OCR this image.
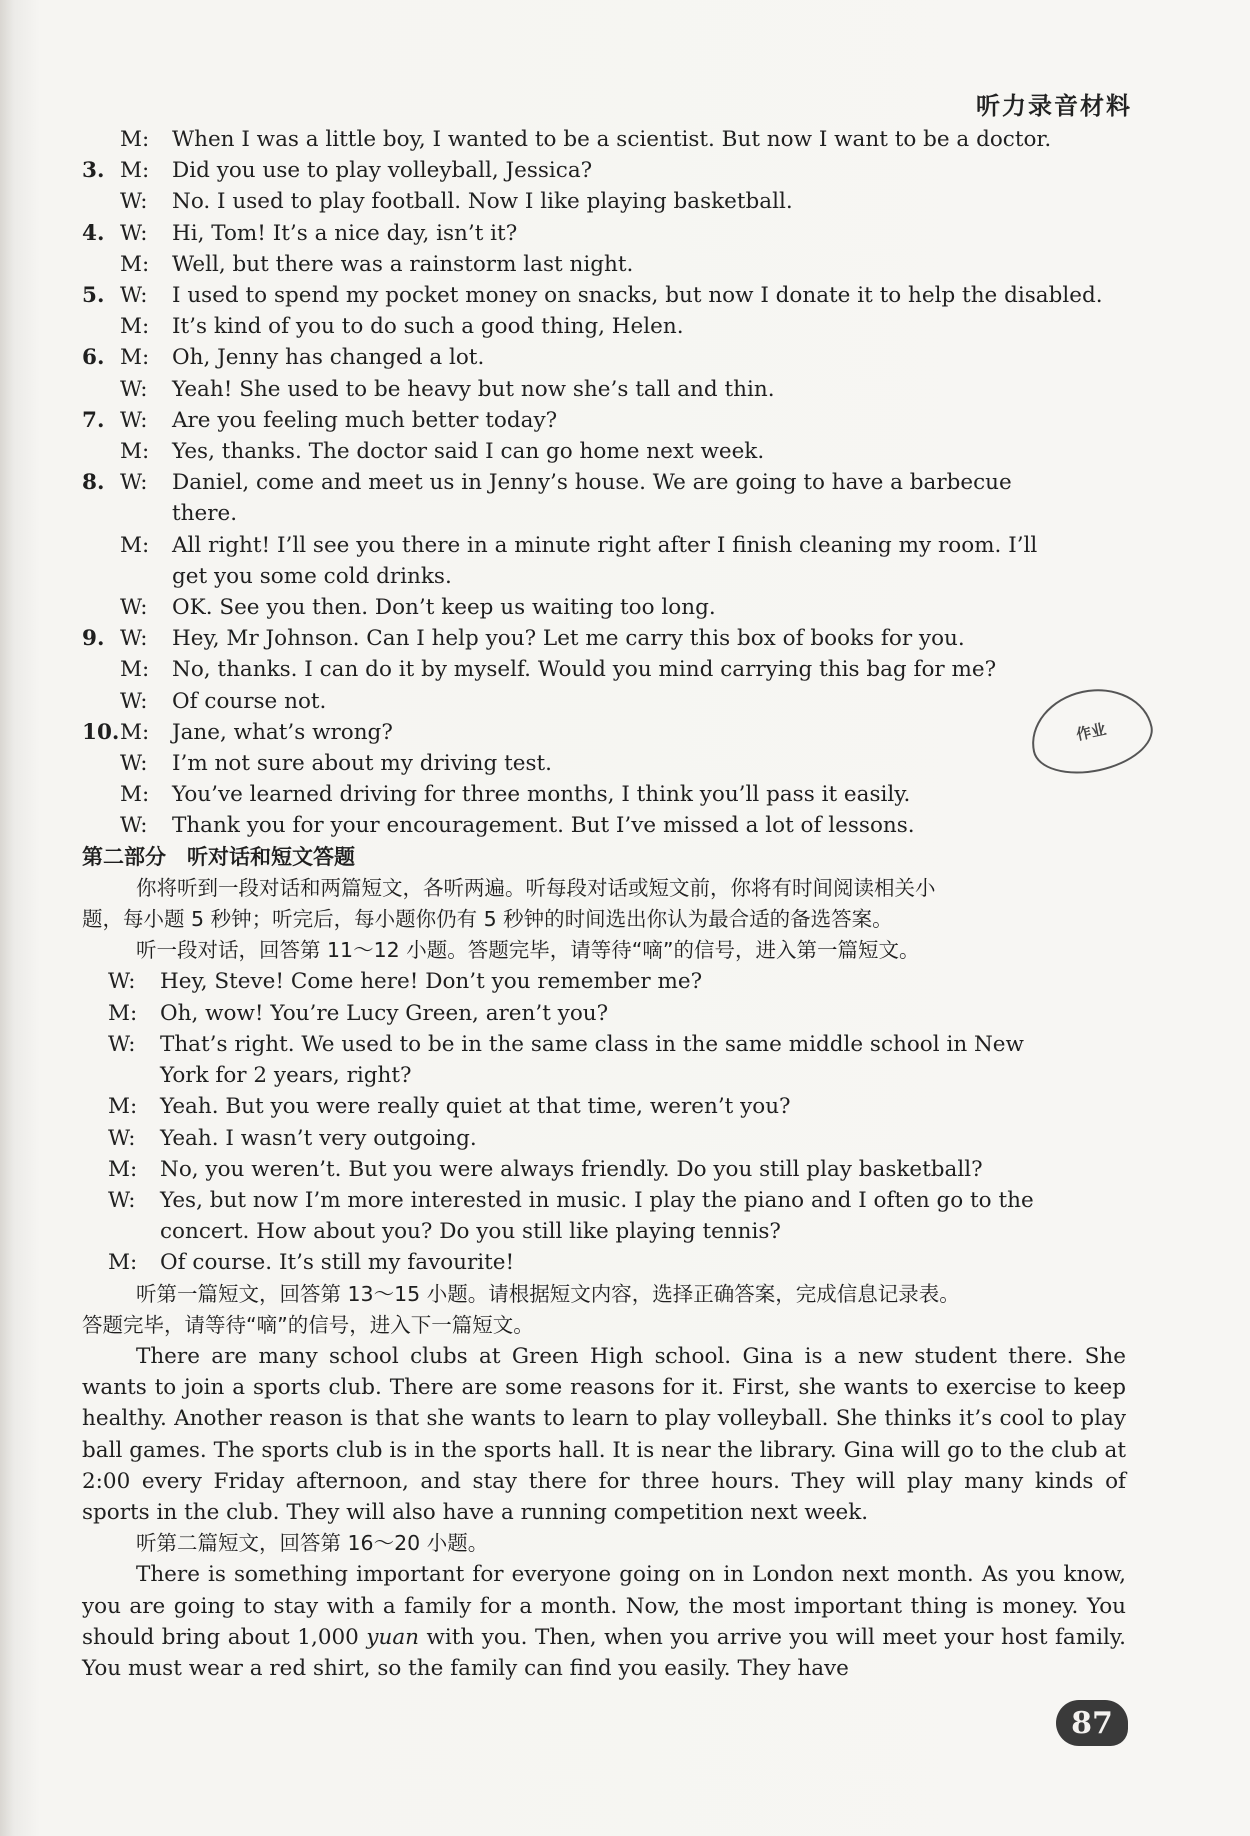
听力录音材料
M:	When I was a little boy, I wanted to be a scientist. But now I want to be a doctor.
3. M:	Did you use to play volleyball, Jessica?
W:	No. I used to play football. Now I like playing basketball.
4. W:	Hi, Tom! It’s a nice day, isn’t it?
M:	Well, but there was a rainstorm last night.
5. W:	I used to spend my pocket money on snacks, but now I donate it to help the disabled.
M:	It’s kind of you to do such a good thing, Helen.
6. M:	Oh, Jenny has changed a lot.
W:	Yeah! She used to be heavy but now she’s tall and thin.
7. W:	Are you feeling much better today?
M:	Yes, thanks. The doctor said I can go home next week.
8. W:	Daniel, come and meet us in Jenny’s house. We are going to have a barbecue
there.
M:	All right! I’ll see you there in a minute right after I finish cleaning my room. I’ll
get you some cold drinks.
W:	OK. See you then. Don’t keep us waiting too long.
9. W:	Hey, Mr Johnson. Can I help you? Let me carry this box of books for you.
M:	No, thanks. I can do it by myself. Would you mind carrying this bag for me?
W:	Of course not.
10. M:	Jane, what’s wrong?
W:	I’m not sure about my driving test.
M:	You’ve learned driving for three months, I think you’ll pass it easily.
W:	Thank you for your encouragement. But I’ve missed a lot of lessons.
第二部分　听对话和短文答题
你将听到一段对话和两篇短文，各听两遍。听每段对话或短文前，你将有时间阅读相关小
题，每小题 5 秒钟；听完后，每小题你仍有 5 秒钟的时间选出你认为最合适的备选答案。
听一段对话，回答第 11～12 小题。答题完毕，请等待“嘀”的信号，进入第一篇短文。
W:	Hey, Steve! Come here! Don’t you remember me?
M:	Oh, wow! You’re Lucy Green, aren’t you?
W:	That’s right. We used to be in the same class in the same middle school in New
York for 2 years, right?
M:	Yeah. But you were really quiet at that time, weren’t you?
W:	Yeah. I wasn’t very outgoing.
M:	No, you weren’t. But you were always friendly. Do you still play basketball?
W:	Yes, but now I’m more interested in music. I play the piano and I often go to the
concert. How about you? Do you still like playing tennis?
M:	Of course. It’s still my favourite!
听第一篇短文，回答第 13～15 小题。请根据短文内容，选择正确答案，完成信息记录表。
答题完毕，请等待“嘀”的信号，进入下一篇短文。
There are many school clubs at Green High school. Gina is a new student there. She wants to join a sports club. There are some reasons for it. First, she wants to exercise to keep healthy. Another reason is that she wants to learn to play volleyball. She thinks it’s cool to play ball games. The sports club is in the sports hall. It is near the library. Gina will go to the club at 2:00 every Friday afternoon, and stay there for three hours. They will play many kinds of sports in the club. They will also have a running competition next week.
听第二篇短文，回答第 16～20 小题。
There is something important for everyone going on in London next month. As you know, you are going to stay with a family for a month. Now, the most important thing is money. You should bring about 1,000 yuan with you. Then, when you arrive you will meet your host family. You must wear a red shirt, so the family can find you easily. They have
作业
87
